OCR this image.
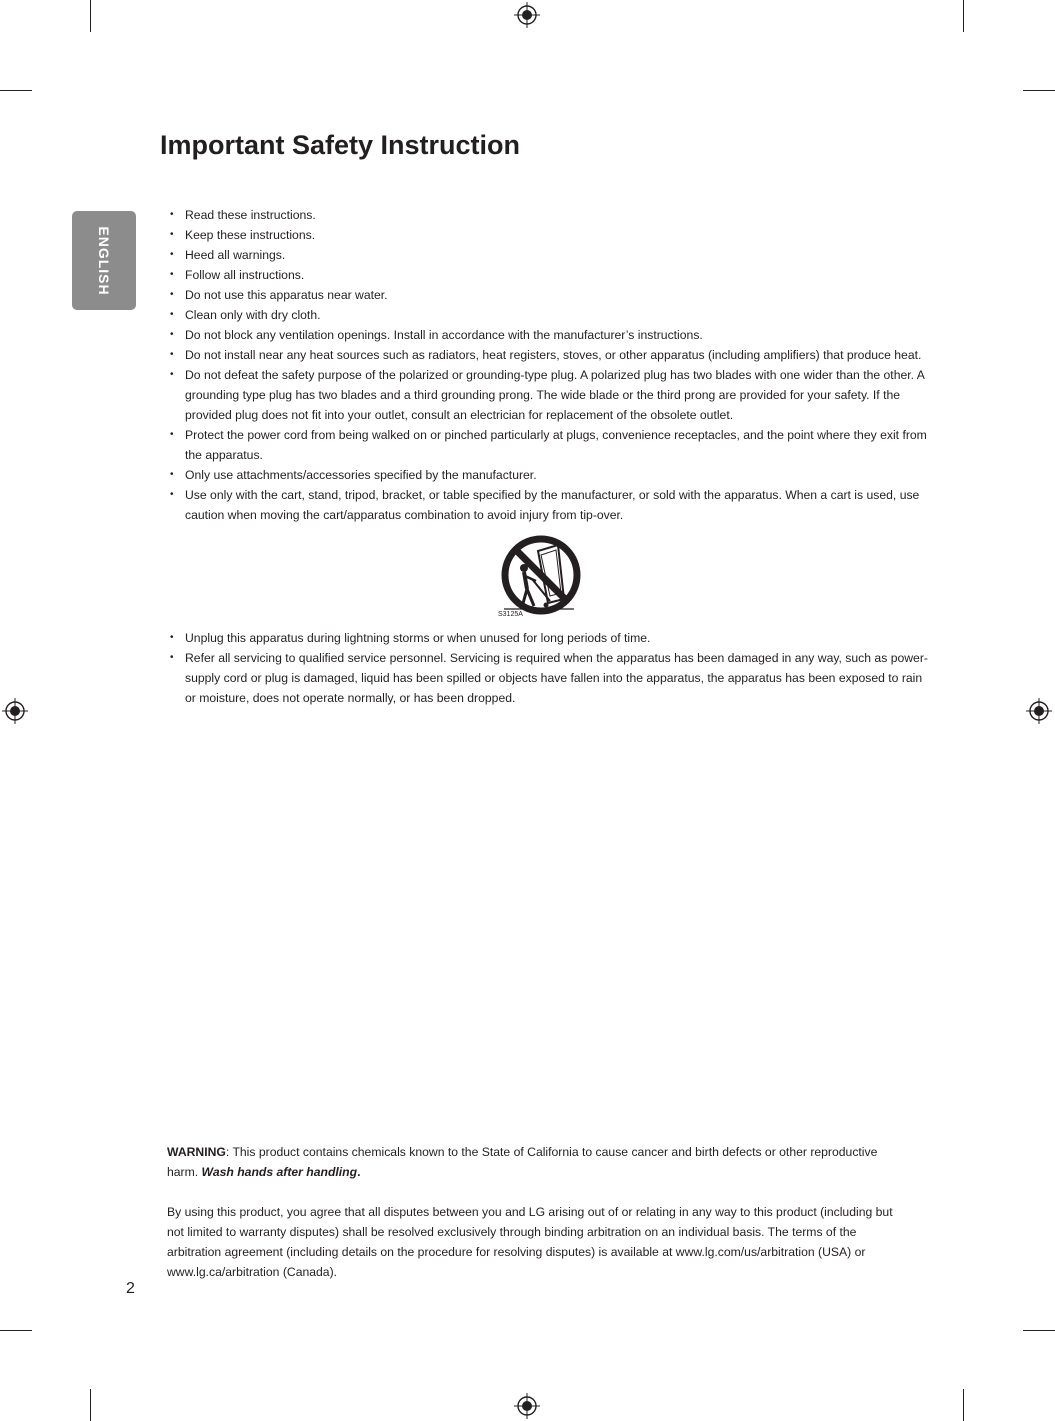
ENGLISH
Important Safety Instruction
• Read these instructions.
• Keep these instructions.
• Heed all warnings.
• Follow all instructions.
• Do not use this apparatus near water.
• Clean only with dry cloth.
• Do not block any ventilation openings. Install in accordance with the manufacturer’s instructions.
• Do not install near any heat sources such as radiators, heat registers, stoves, or other apparatus (including amplifiers) that produce heat.
• Do not defeat the safety purpose of the polarized or grounding-type plug. A polarized plug has two blades with one wider than the other. A grounding type plug has two blades and a third grounding prong. The wide blade or the third prong are provided for your safety. If the provided plug does not fit into your outlet, consult an electrician for replacement of the obsolete outlet.
• Protect the power cord from being walked on or pinched particularly at plugs, convenience receptacles, and the point where they exit from the apparatus.
• Only use attachments/accessories specified by the manufacturer.
• Use only with the cart, stand, tripod, bracket, or table specified by the manufacturer, or sold with the apparatus. When a cart is used, use caution when moving the cart/apparatus combination to avoid injury from tip-over.
S3125A
• Unplug this apparatus during lightning storms or when unused for long periods of time.
• Refer all servicing to qualified service personnel. Servicing is required when the apparatus has been damaged in any way, such as power-supply cord or plug is damaged, liquid has been spilled or objects have fallen into the apparatus, the apparatus has been exposed to rain or moisture, does not operate normally, or has been dropped.

WARNING: This product contains chemicals known to the State of California to cause cancer and birth defects or other reproductive harm. Wash hands after handling.

By using this product, you agree that all disputes between you and LG arising out of or relating in any way to this product (including but not limited to warranty disputes) shall be resolved exclusively through binding arbitration on an individual basis. The terms of the arbitration agreement (including details on the procedure for resolving disputes) is available at www.lg.com/us/arbitration (USA) or www.lg.ca/arbitration (Canada).

2
